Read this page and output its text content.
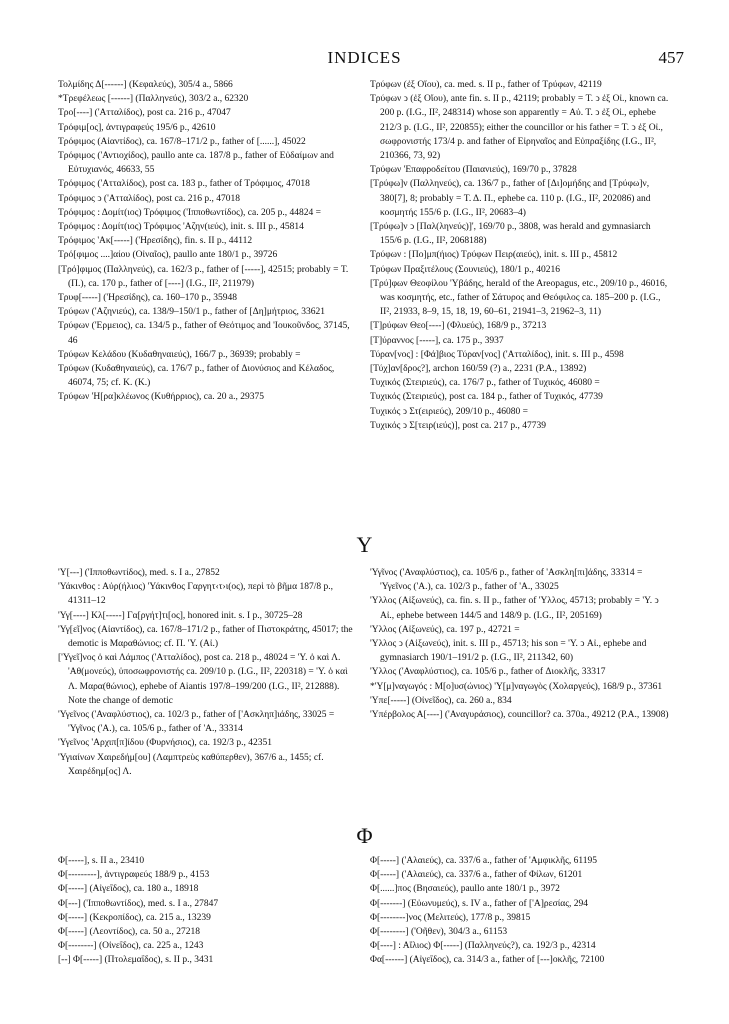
INDICES	457

Τολμίδης Δ[------] (Κεφαλεύς), 305/4 a., 5866

*Τρεφέλεως [------] (Παλληνεύς), 303/2 a., 62320

Τρο[----] ('Ατταλίδος), post ca. 216 p., 47047

Τρόφιμ[ος], ἀντιγραφεύς 195/6 p., 42610

Τρόφιμος (Αἰαντίδος), ca. 167/8–171/2 p., father of [......], 45022

Τρόφιμος ('Αντιοχίδος), paullo ante ca. 187/8 p., father of Εὐδαίμων and Εὐτυχιανός, 46633, 55

Τρόφιμος ('Ατταλίδος), post ca. 183 p., father of Τρόφιμος, 47018

Τρόφιμος ↄ ('Ατταλίδος), post ca. 216 p., 47018

Τρόφιμος : Δομίτ(ιος) Τρόφιμος ('Ιπποθωντίδος), ca. 205 p., 44824 =

Τρόφιμος : Δομίτ(ιος) Τρόφιμος 'Αζην(ιεύς), init. s. III p., 45814

Τρόφιμος 'Ακ[-----] ('Ηρεσίδης), fin. s. II p., 44112

Τρό[φιμος ....]αίου (Οἰναῖος), paullo ante 180/1 p., 39726

[Τρό]φιμος (Παλληνεύς), ca. 162/3 p., father of [-----], 42515; probably = Τ. (Π.), ca. 170 p., father of [----] (I.G., II², 211979)

Τρυφ[-----] ('Ηρεσίδης), ca. 160–170 p., 35948

Τρύφων ('Αζηνιεύς), ca. 138/9–150/1 p., father of [Δη]μήτριος, 33621

Τρύφων ('Ερμειος), ca. 134/5 p., father of Θεότιμος and 'Ιουκοῦνδος, 37145, 46

Τρύφων Κελάδου (Κυδαθηναιεύς), 166/7 p., 36939; probably =

Τρύφων (Κυδαθηναιεύς), ca. 176/7 p., father of Διονύσιος and Κέλαδος, 46074, 75; cf. K. (K.)

Τρύφων 'Η[ρα]κλέωνος (Κυθήρριος), ca. 20 a., 29375

Τρύφων (ἐξ Οἴου), ca. med. s. II p., father of Τρύφων, 42119

Τρύφων ↄ (ἐξ Οἴου), ante fin. s. II p., 42119; probably = Τ. ↄ ἐξ Οἰ., known ca. 200 p. (I.G., II², 248314) whose son apparently = Αὐ. Τ. ↄ ἐξ Οἰ., ephebe 212/3 p. (I.G., II², 220855); either the councillor or his father = Τ. ↄ ἐξ Οἰ., σωφρονιστής 173/4 p. and father of Εἰρηναῖος and Εὐπραξίδης (I.G., II², 210366, 73, 92)

Τρύφων 'Επαφροδείτου (Παιανιεύς), 169/70 p., 37828

[Τρύφω]ν (Παλληνεύς), ca. 136/7 p., father of [Δι]ομήδης and [Τρύφω]ν, 380[7], 8; probably = Τ. Δ. Π., ephebe ca. 110 p. (I.G., II², 202086) and κοσμητής 155/6 p. (I.G., II², 20683–4)

[Τρύφω]ν ↄ [Παλ(ληνεύς)]', 169/70 p., 3808, was herald and gymnasiarch 155/6 p. (I.G., II², 2068188)

Τρύφων : [Πο]μπ(ήιος) Τρύφων Πειρ(αιεύς), init. s. III p., 45812

Τρύφων Πραξιτέλους (Σουνιεύς), 180/1 p., 40216

[Τρύ]φων Θεοφίλου 'Υβάδης, herald of the Areopagus, etc., 209/10 p., 46016, was κοσμητής, etc., father of Σάτυρος and Θεόφιλος ca. 185–200 p. (I.G., II², 21933, 8–9, 15, 18, 19, 60–61, 21941–3, 21962–3, 11)

[Τ]ρύφων Θεο[----] (Φλυεύς), 168/9 p., 37213

[Τ]ύραννος [-----], ca. 175 p., 3937

Τύραν[νος] : [Φά]βιος Τύραν[νος] ('Ατταλίδος), init. s. III p., 4598

[Τύχ]αν[δρος?], archon 160/59 (?) a., 2231 (P.A., 13892)

Τυχικός (Στειριεύς), ca. 176/7 p., father of Τυχικός, 46080 =

Τυχικός (Στειριεύς), post ca. 184 p., father of Τυχικός, 47739

Τυχικός ↄ Στ(ειριεύς), 209/10 p., 46080 =

Τυχικός ↄ Σ[τειρ(ιεύς)], post ca. 217 p., 47739

Υ

'Υ[---] ('Ιπποθωντίδος), med. s. I a., 27852

'Υάκινθος : Αὐρ(ήλιος) 'Υάκινθος Γαργητ‹τ›ι(ος), περὶ τὸ βῆμα 187/8 p., 41311–12

'Υγ[----] Κλ[-----] Γα[ργήτ]τι[ος], honored init. s. I p., 30725–28

'Υγ[εῖ]νος (Αἰαντίδος), ca. 167/8–171/2 p., father of Πιστοκράτης, 45017; the demotic is Μαραθώνιος; cf. Π. 'Υ. (Αἰ.)

['Υγεῖ]νος ὁ καὶ Λάμπος ('Ατταλίδος), post ca. 218 p., 48024 = 'Υ. ὁ καὶ Λ. 'Αθ(μονεύς), ὑποσωφρονιστής ca. 209/10 p. (I.G., II², 220318) = 'Υ. ὁ καὶ Λ. Μαρα(θώνιος), ephebe of Aiantis 197/8–199/200 (I.G., II², 212888). Note the change of demotic

'Υγεῖνος ('Αναφλύστιος), ca. 102/3 p., father of ['Ασκληπ]ιάδης, 33025 = 'Υγῖνος ('Α.), ca. 105/6 p., father of 'Α., 33314

'Υγεῖνος 'Αρχιπ[π]ίδου (Φυρνήσιος), ca. 192/3 p., 42351

'Υγιαίνων Χαιρεδήμ[ου] (Λαμπτρεὺς καθύπερθεν), 367/6 a., 1455; cf. Χαιρέδημ[ος] Λ.

'Υγῖνος ('Αναφλύστιος), ca. 105/6 p., father of 'Ασκλη[πι]άδης, 33314 = 'Υγεῖνος ('Α.), ca. 102/3 p., father of 'Α., 33025

'Υλλος (Αἰξωνεύς), ca. fin. s. II p., father of 'Υλλος, 45713; probably = 'Υ. ↄ Αἰ., ephebe between 144/5 and 148/9 p. (I.G., II², 205169)

'Υλλος (Αἰξωνεύς), ca. 197 p., 42721 =

'Υλλος ↄ (Αἰξωνεύς), init. s. III p., 45713; his son = 'Υ. ↄ Αἰ., ephebe and gymnasiarch 190/1–191/2 p. (I.G., II², 211342, 60)

'Υλλος ('Αναφλύστιος), ca. 105/6 p., father of Διοκλῆς, 33317

*'Υ[μ]ναγωγός : Μ[ο]υσ(ώνιος) 'Υ[μ]ναγωγὸς (Χολαργεύς), 168/9 p., 37361

'Υπε[-----] (Οἰνεῖδος), ca. 260 a., 834

'Υπέρβολος Α[----] ('Αναγυράσιος), councillor? ca. 370a., 49212 (P.A., 13908)

Φ

Φ[-----], s. II a., 23410

Φ[---------], ἀντιγραφεύς 188/9 p., 4153

Φ[-----] (Αἰγεΐδος), ca. 180 a., 18918

Φ[---] ('Ιπποθωντίδος), med. s. I a., 27847

Φ[-----] (Κεκροπίδος), ca. 215 a., 13239

Φ[-----] (Λεοντίδος), ca. 50 a., 27218

Φ[--------] (Οἰνεΐδος), ca. 225 a., 1243

[--] Φ[-----] (Πτολεμαΐδος), s. II p., 3431

Φ[-----] ('Αλαιεύς), ca. 337/6 a., father of 'Αμφικλῆς, 61195

Φ[-----] ('Αλαιεύς), ca. 337/6 a., father of Φίλων, 61201

Φ[......]πος (Βησαιεύς), paullo ante 180/1 p., 3972

Φ[-------] (Εὐωνυμεύς), s. IV a., father of ['Α]ρεσίας, 294

Φ[--------]νος (Μελιτεύς), 177/8 p., 39815

Φ[--------] ('Οῆθεν), 304/3 a., 61153

Φ[----] : Αἴλιος) Φ[-----] (Παλληνεύς?), ca. 192/3 p., 42314

Φα[------] (Αἰγεΐδος), ca. 314/3 a., father of [---]οκλῆς, 72100
